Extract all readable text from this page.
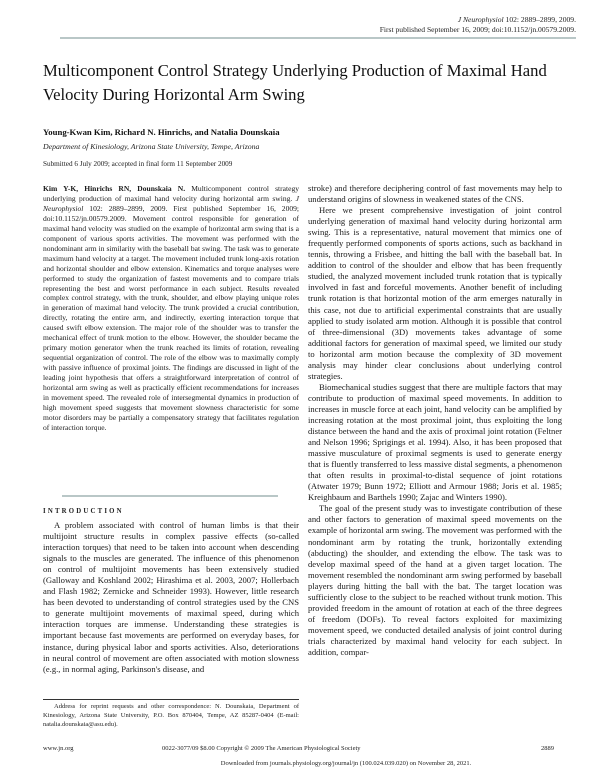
J Neurophysiol 102: 2889–2899, 2009.
First published September 16, 2009; doi:10.1152/jn.00579.2009.
Multicomponent Control Strategy Underlying Production of Maximal Hand Velocity During Horizontal Arm Swing
Young-Kwan Kim, Richard N. Hinrichs, and Natalia Dounskaia
Department of Kinesiology, Arizona State University, Tempe, Arizona
Submitted 6 July 2009; accepted in final form 11 September 2009
Kim Y-K, Hinrichs RN, Dounskaia N. Multicomponent control strategy underlying production of maximal hand velocity during horizontal arm swing. J Neurophysiol 102: 2889–2899, 2009. First published September 16, 2009; doi:10.1152/jn.00579.2009. Movement control responsible for generation of maximal hand velocity was studied on the example of horizontal arm swing that is a component of various sports activities. The movement was performed with the nondominant arm in similarity with the baseball bat swing. The task was to generate maximum hand velocity at a target. The movement included trunk long-axis rotation and horizontal shoulder and elbow extension. Kinematics and torque analyses were performed to study the organization of fastest movements and to compare trials representing the best and worst performance in each subject. Results revealed complex control strategy, with the trunk, shoulder, and elbow playing unique roles in generation of maximal hand velocity. The trunk provided a crucial contribution, directly, rotating the entire arm, and indirectly, exerting interaction torque that caused swift elbow extension. The major role of the shoulder was to transfer the mechanical effect of trunk motion to the elbow. However, the shoulder became the primary motion generator when the trunk reached its limits of rotation, revealing sequential organization of control. The role of the elbow was to maximally comply with passive influence of proximal joints. The findings are discussed in light of the leading joint hypothesis that offers a straightforward interpretation of control of horizontal arm swing as well as practically efficient recommendations for increases in movement speed. The revealed role of intersegmental dynamics in production of high movement speed suggests that movement slowness characteristic for some motor disorders may be partially a compensatory strategy that facilitates regulation of interaction torque.
INTRODUCTION

A problem associated with control of human limbs is that their multijoint structure results in complex passive effects (so-called interaction torques) that need to be taken into account when descending signals to the muscles are generated. The influence of this phenomenon on control of multijoint movements has been extensively studied (Galloway and Koshland 2002; Hirashima et al. 2003, 2007; Hollerbach and Flash 1982; Zernicke and Schneider 1993). However, little research has been devoted to understanding of control strategies used by the CNS to generate multijoint movements of maximal speed, during which interaction torques are immense. Understanding these strategies is important because fast movements are performed on everyday bases, for instance, during physical labor and sports activities. Also, deteriorations in neural control of movement are often associated with motion slowness (e.g., in normal aging, Parkinson's disease, and

stroke) and therefore deciphering control of fast movements may help to understand origins of slowness in weakened states of the CNS.

Here we present comprehensive investigation of joint control underlying generation of maximal hand velocity during horizontal arm swing. This is a representative, natural movement that mimics one of frequently performed components of sports actions, such as backhand in tennis, throwing a Frisbee, and hitting the ball with the baseball bat. In addition to control of the shoulder and elbow that has been frequently studied, the analyzed movement included trunk rotation that is typically involved in fast and forceful movements. Another benefit of including trunk rotation is that horizontal motion of the arm emerges naturally in this case, not due to artificial experimental constraints that are usually applied to study isolated arm motion. Although it is possible that control of three-dimensional (3D) movements takes advantage of some additional factors for generation of maximal speed, we limited our study to horizontal arm motion because the complexity of 3D movement analysis may hinder clear conclusions about underlying control strategies.

Biomechanical studies suggest that there are multiple factors that may contribute to production of maximal speed movements. In addition to increases in muscle force at each joint, hand velocity can be amplified by increasing rotation at the most proximal joint, thus exploiting the long distance between the hand and the axis of proximal joint rotation (Feltner and Nelson 1996; Sprigings et al. 1994). Also, it has been proposed that massive musculature of proximal segments is used to generate energy that is fluently transferred to less massive distal segments, a phenomenon that often results in proximal-to-distal sequence of joint rotations (Atwater 1979; Bunn 1972; Elliott and Armour 1988; Joris et al. 1985; Kreighbaum and Barthels 1990; Zajac and Winters 1990).

The goal of the present study was to investigate contribution of these and other factors to generation of maximal speed movements on the example of horizontal arm swing. The movement was performed with the nondominant arm by rotating the trunk, horizontally extending (abducting) the shoulder, and extending the elbow. The task was to develop maximal speed of the hand at a given target location. The movement resembled the nondominant arm swing performed by baseball players during hitting the ball with the bat. The target location was sufficiently close to the subject to be reached without trunk motion. This provided freedom in the amount of rotation at each of the three degrees of freedom (DOFs). To reveal factors exploited for maximizing movement speed, we conducted detailed analysis of joint control during trials characterized by maximal hand velocity for each subject. In addition, compar-

Address for reprint requests and other correspondence: N. Dounskaia, Department of Kinesiology, Arizona State University, P.O. Box 870404, Tempe, AZ 85287-0404 (E-mail: natalia.dounskaia@asu.edu).
www.jn.org	0022-3077/09 $8.00 Copyright © 2009 The American Physiological Society	2889
Downloaded from journals.physiology.org/journal/jn (100.024.039.020) on November 28, 2021.
